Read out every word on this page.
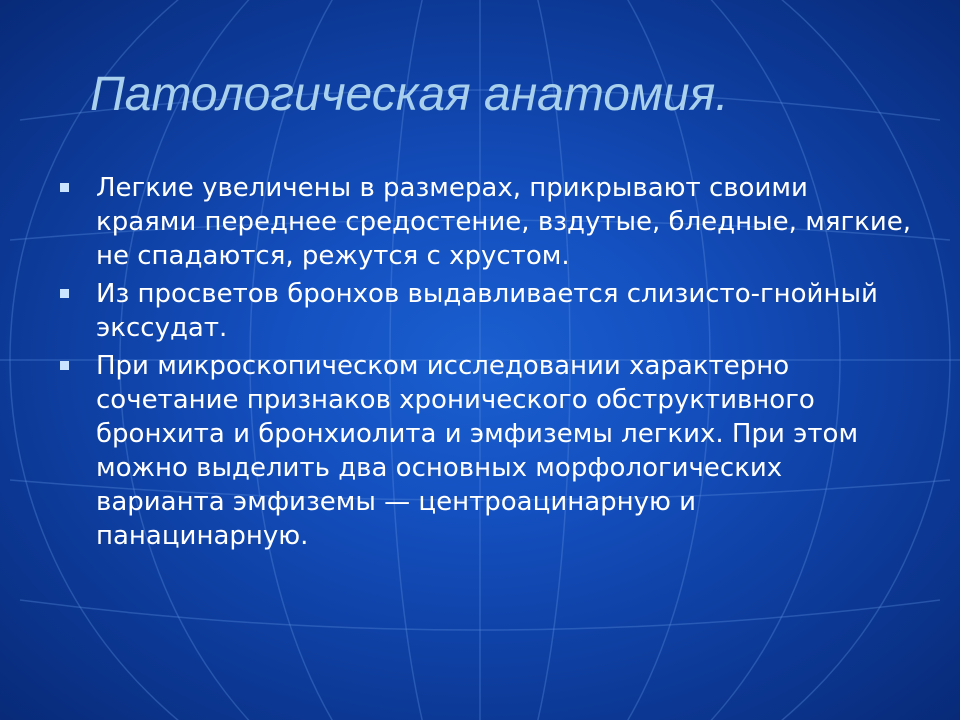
Патологическая анатомия.
Легкие увеличены в размерах, прикрывают своими краями переднее средостение, вздутые, бледные, мягкие, не спадаются, режутся с хрустом.
Из просветов бронхов выдавливается слизисто-гнойный экссудат.
При микроскопическом исследовании характерно сочетание признаков хронического обструктивного бронхита и бронхиолита и эмфиземы легких. При этом можно выделить два основных морфологических варианта эмфиземы — центроацинарную и панацинарную.
